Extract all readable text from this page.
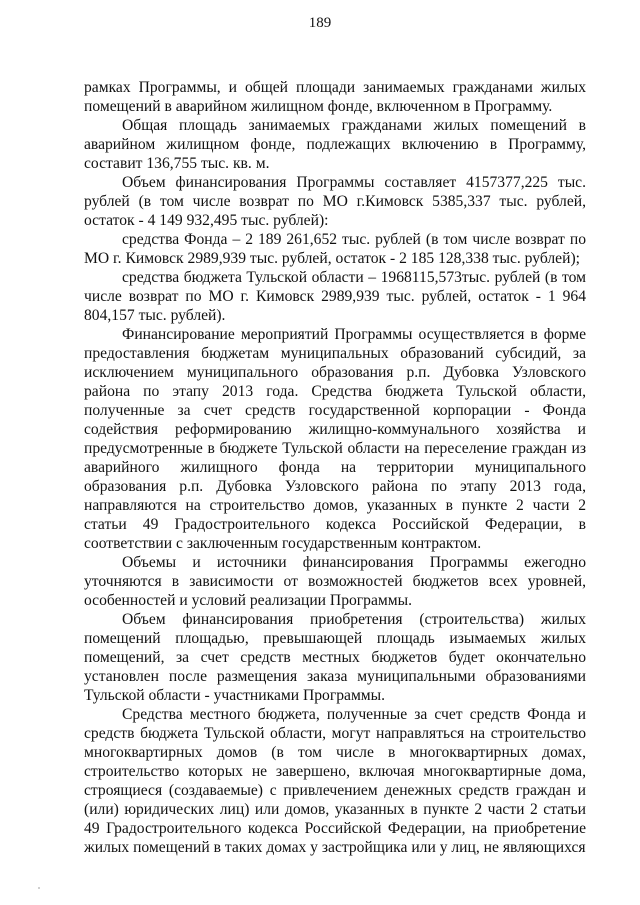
189

рамках Программы, и общей площади занимаемых гражданами жилых помещений в аварийном жилищном фонде, включенном в Программу.

Общая площадь занимаемых гражданами жилых помещений в аварийном жилищном фонде, подлежащих включению в Программу, составит 136,755 тыс. кв. м.

Объем финансирования Программы составляет 4157377,225 тыс. рублей (в том числе возврат по МО г.Кимовск 5385,337 тыс. рублей, остаток - 4 149 932,495 тыс. рублей):

средства Фонда – 2 189 261,652 тыс. рублей (в том числе возврат по МО г. Кимовск 2989,939 тыс. рублей, остаток - 2 185 128,338 тыс. рублей);

средства бюджета Тульской области – 1968115,573тыс. рублей (в том числе возврат по МО г. Кимовск 2989,939 тыс. рублей, остаток - 1 964 804,157 тыс. рублей).

Финансирование мероприятий Программы осуществляется в форме предоставления бюджетам муниципальных образований субсидий, за исключением муниципального образования р.п. Дубовка Узловского района по этапу 2013 года. Средства бюджета Тульской области, полученные за счет средств государственной корпорации - Фонда содействия реформированию жилищно-коммунального хозяйства и предусмотренные в бюджете Тульской области на переселение граждан из аварийного жилищного фонда на территории муниципального образования р.п. Дубовка Узловского района по этапу 2013 года, направляются на строительство домов, указанных в пункте 2 части 2 статьи 49 Градостроительного кодекса Российской Федерации, в соответствии с заключенным государственным контрактом.

Объемы и источники финансирования Программы ежегодно уточняются в зависимости от возможностей бюджетов всех уровней, особенностей и условий реализации Программы.

Объем финансирования приобретения (строительства) жилых помещений площадью, превышающей площадь изымаемых жилых помещений, за счет средств местных бюджетов будет окончательно установлен после размещения заказа муниципальными образованиями Тульской области - участниками Программы.

Средства местного бюджета, полученные за счет средств Фонда и средств бюджета Тульской области, могут направляться на строительство многоквартирных домов (в том числе в многоквартирных домах, строительство которых не завершено, включая многоквартирные дома, строящиеся (создаваемые) с привлечением денежных средств граждан и (или) юридических лиц) или домов, указанных в пункте 2 части 2 статьи 49 Градостроительного кодекса Российской Федерации, на приобретение жилых помещений в таких домах у застройщика или у лиц, не являющихся
